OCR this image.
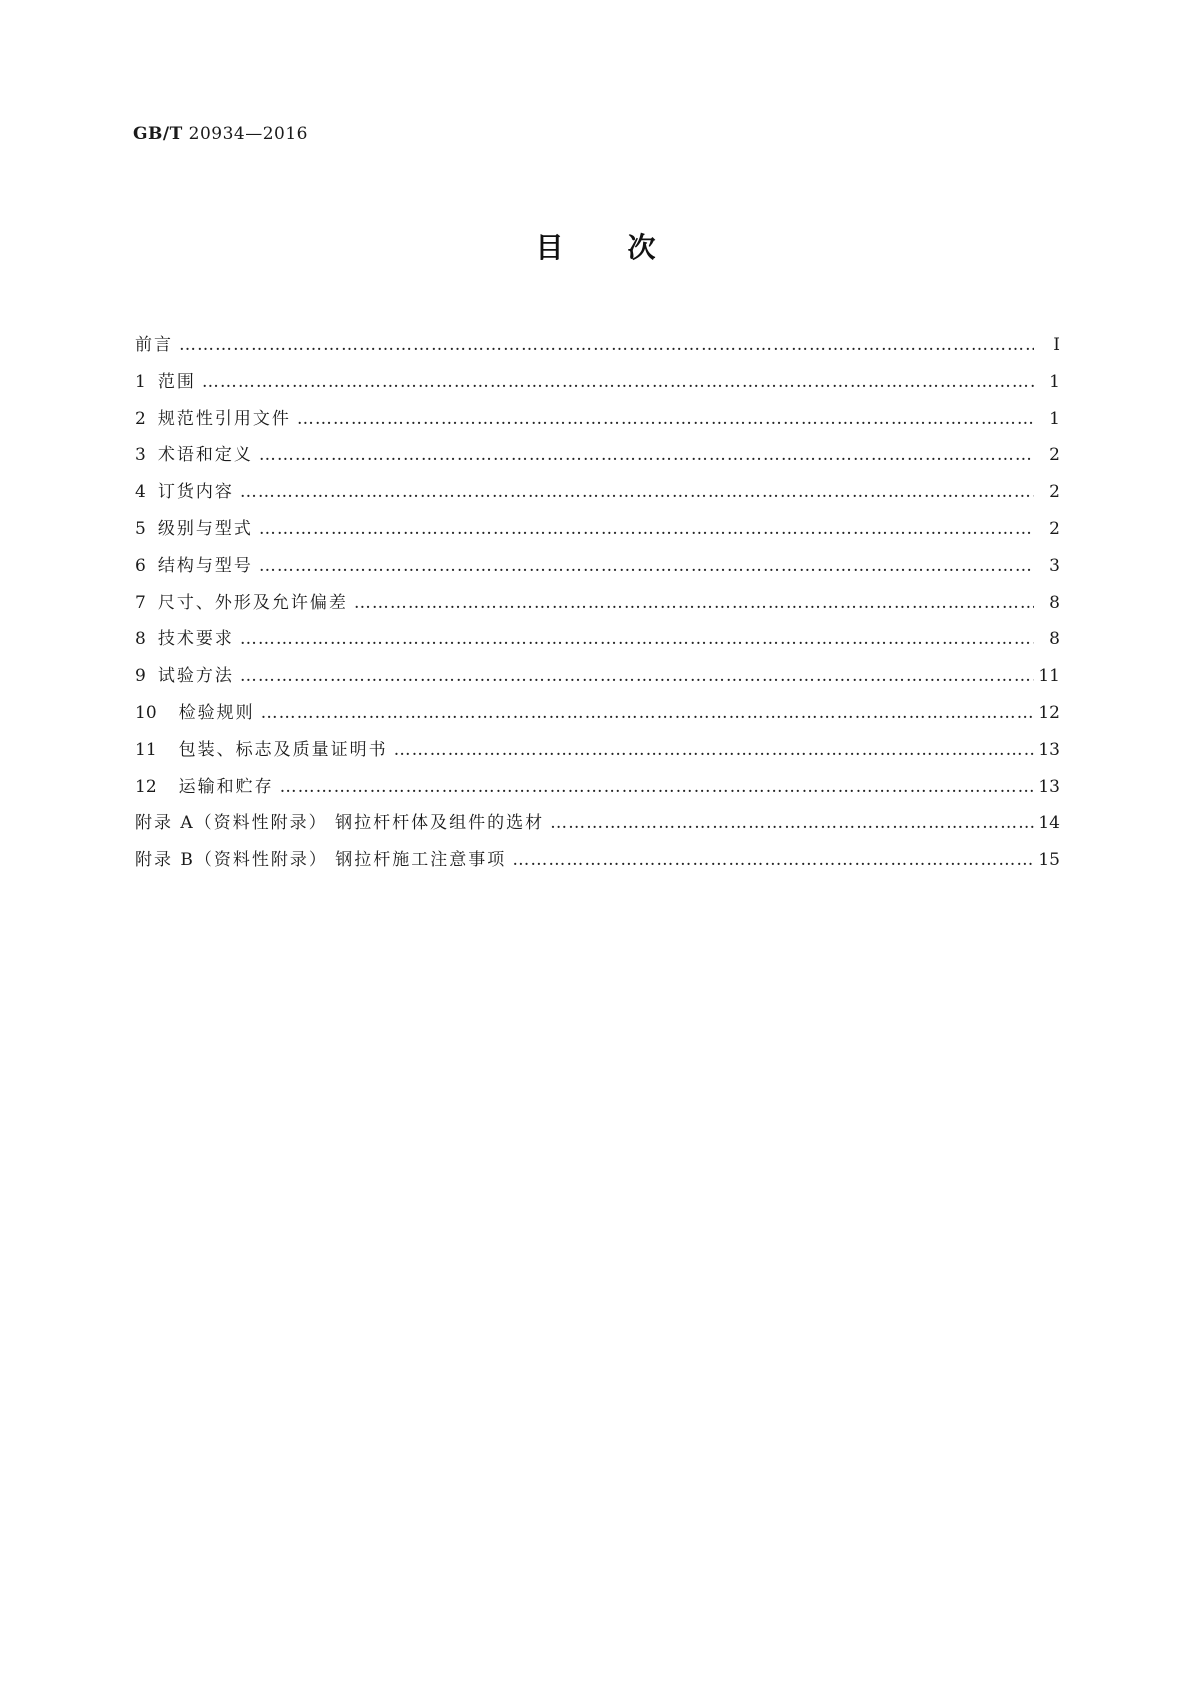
GB/T 20934—2016
目次
前言 ……………………………………………………………………………………………………………………………………………………………………………………………………………………………………	Ⅰ
1 范围 ……………………………………………………………………………………………………………………………………………………………………………………………………………………………………	1
2 规范性引用文件 ……………………………………………………………………………………………………………………………………………………………………………………………………………………………………	1
3 术语和定义 ……………………………………………………………………………………………………………………………………………………………………………………………………………………………………	2
4 订货内容 ……………………………………………………………………………………………………………………………………………………………………………………………………………………………………	2
5 级别与型式 ……………………………………………………………………………………………………………………………………………………………………………………………………………………………………	2
6 结构与型号 ……………………………………………………………………………………………………………………………………………………………………………………………………………………………………	3
7 尺寸、外形及允许偏差 ……………………………………………………………………………………………………………………………………………………………………………………………………………………………………	8
8 技术要求 ……………………………………………………………………………………………………………………………………………………………………………………………………………………………………	8
9 试验方法 ……………………………………………………………………………………………………………………………………………………………………………………………………………………………………	11
10	检验规则 ……………………………………………………………………………………………………………………………………………………………………………………………………………………………………	12
11	包装、标志及质量证明书 ……………………………………………………………………………………………………………………………………………………………………………………………………………………………………	13
12	运输和贮存 ……………………………………………………………………………………………………………………………………………………………………………………………………………………………………	13
附录 A（资料性附录） 钢拉杆杆体及组件的选材 ……………………………………………………………………………………………………………………………………………………………………………………………………………………………………	14
附录 B（资料性附录） 钢拉杆施工注意事项 ……………………………………………………………………………………………………………………………………………………………………………………………………………………………………	15
